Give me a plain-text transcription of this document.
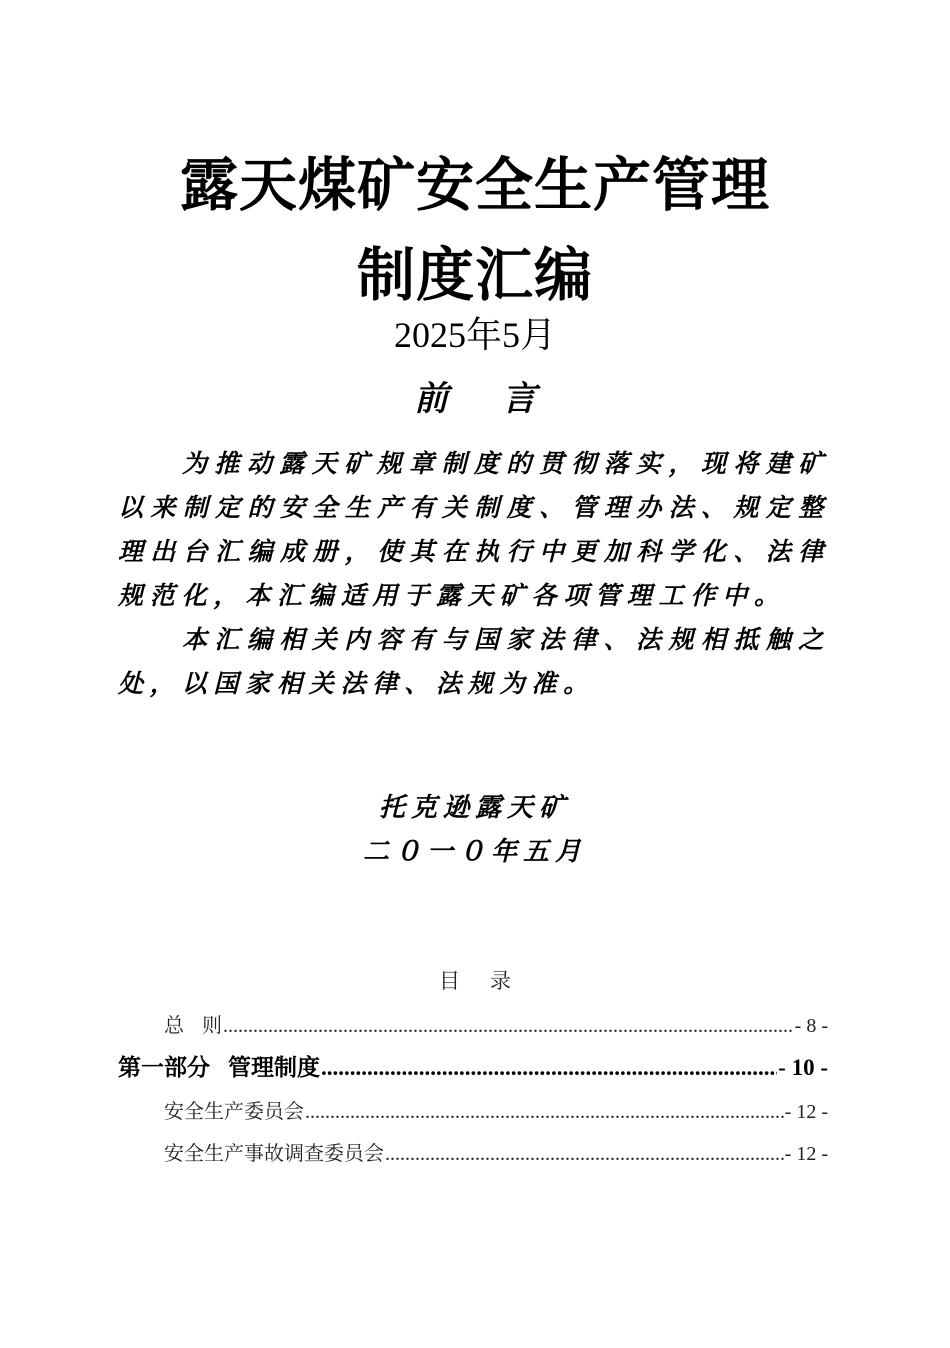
露天煤矿安全生产管理
制度汇编
2025年5月
前言

为推动露天矿规章制度的贯彻落实，现将建矿以来制定的安全生产有关制度、管理办法、规定整理出台汇编成册，使其在执行中更加科学化、法律规范化，本汇编适用于露天矿各项管理工作中。

本汇编相关内容有与国家法律、法规相抵触之处，以国家相关法律、法规为准。

托克逊露天矿
二０一０年五月
目录
总 则 .....	- 8 -
第一部分 管理制度 .....	- 10 -
安全生产委员会 .....	- 12 -
安全生产事故调查委员会 .....	- 12 -
